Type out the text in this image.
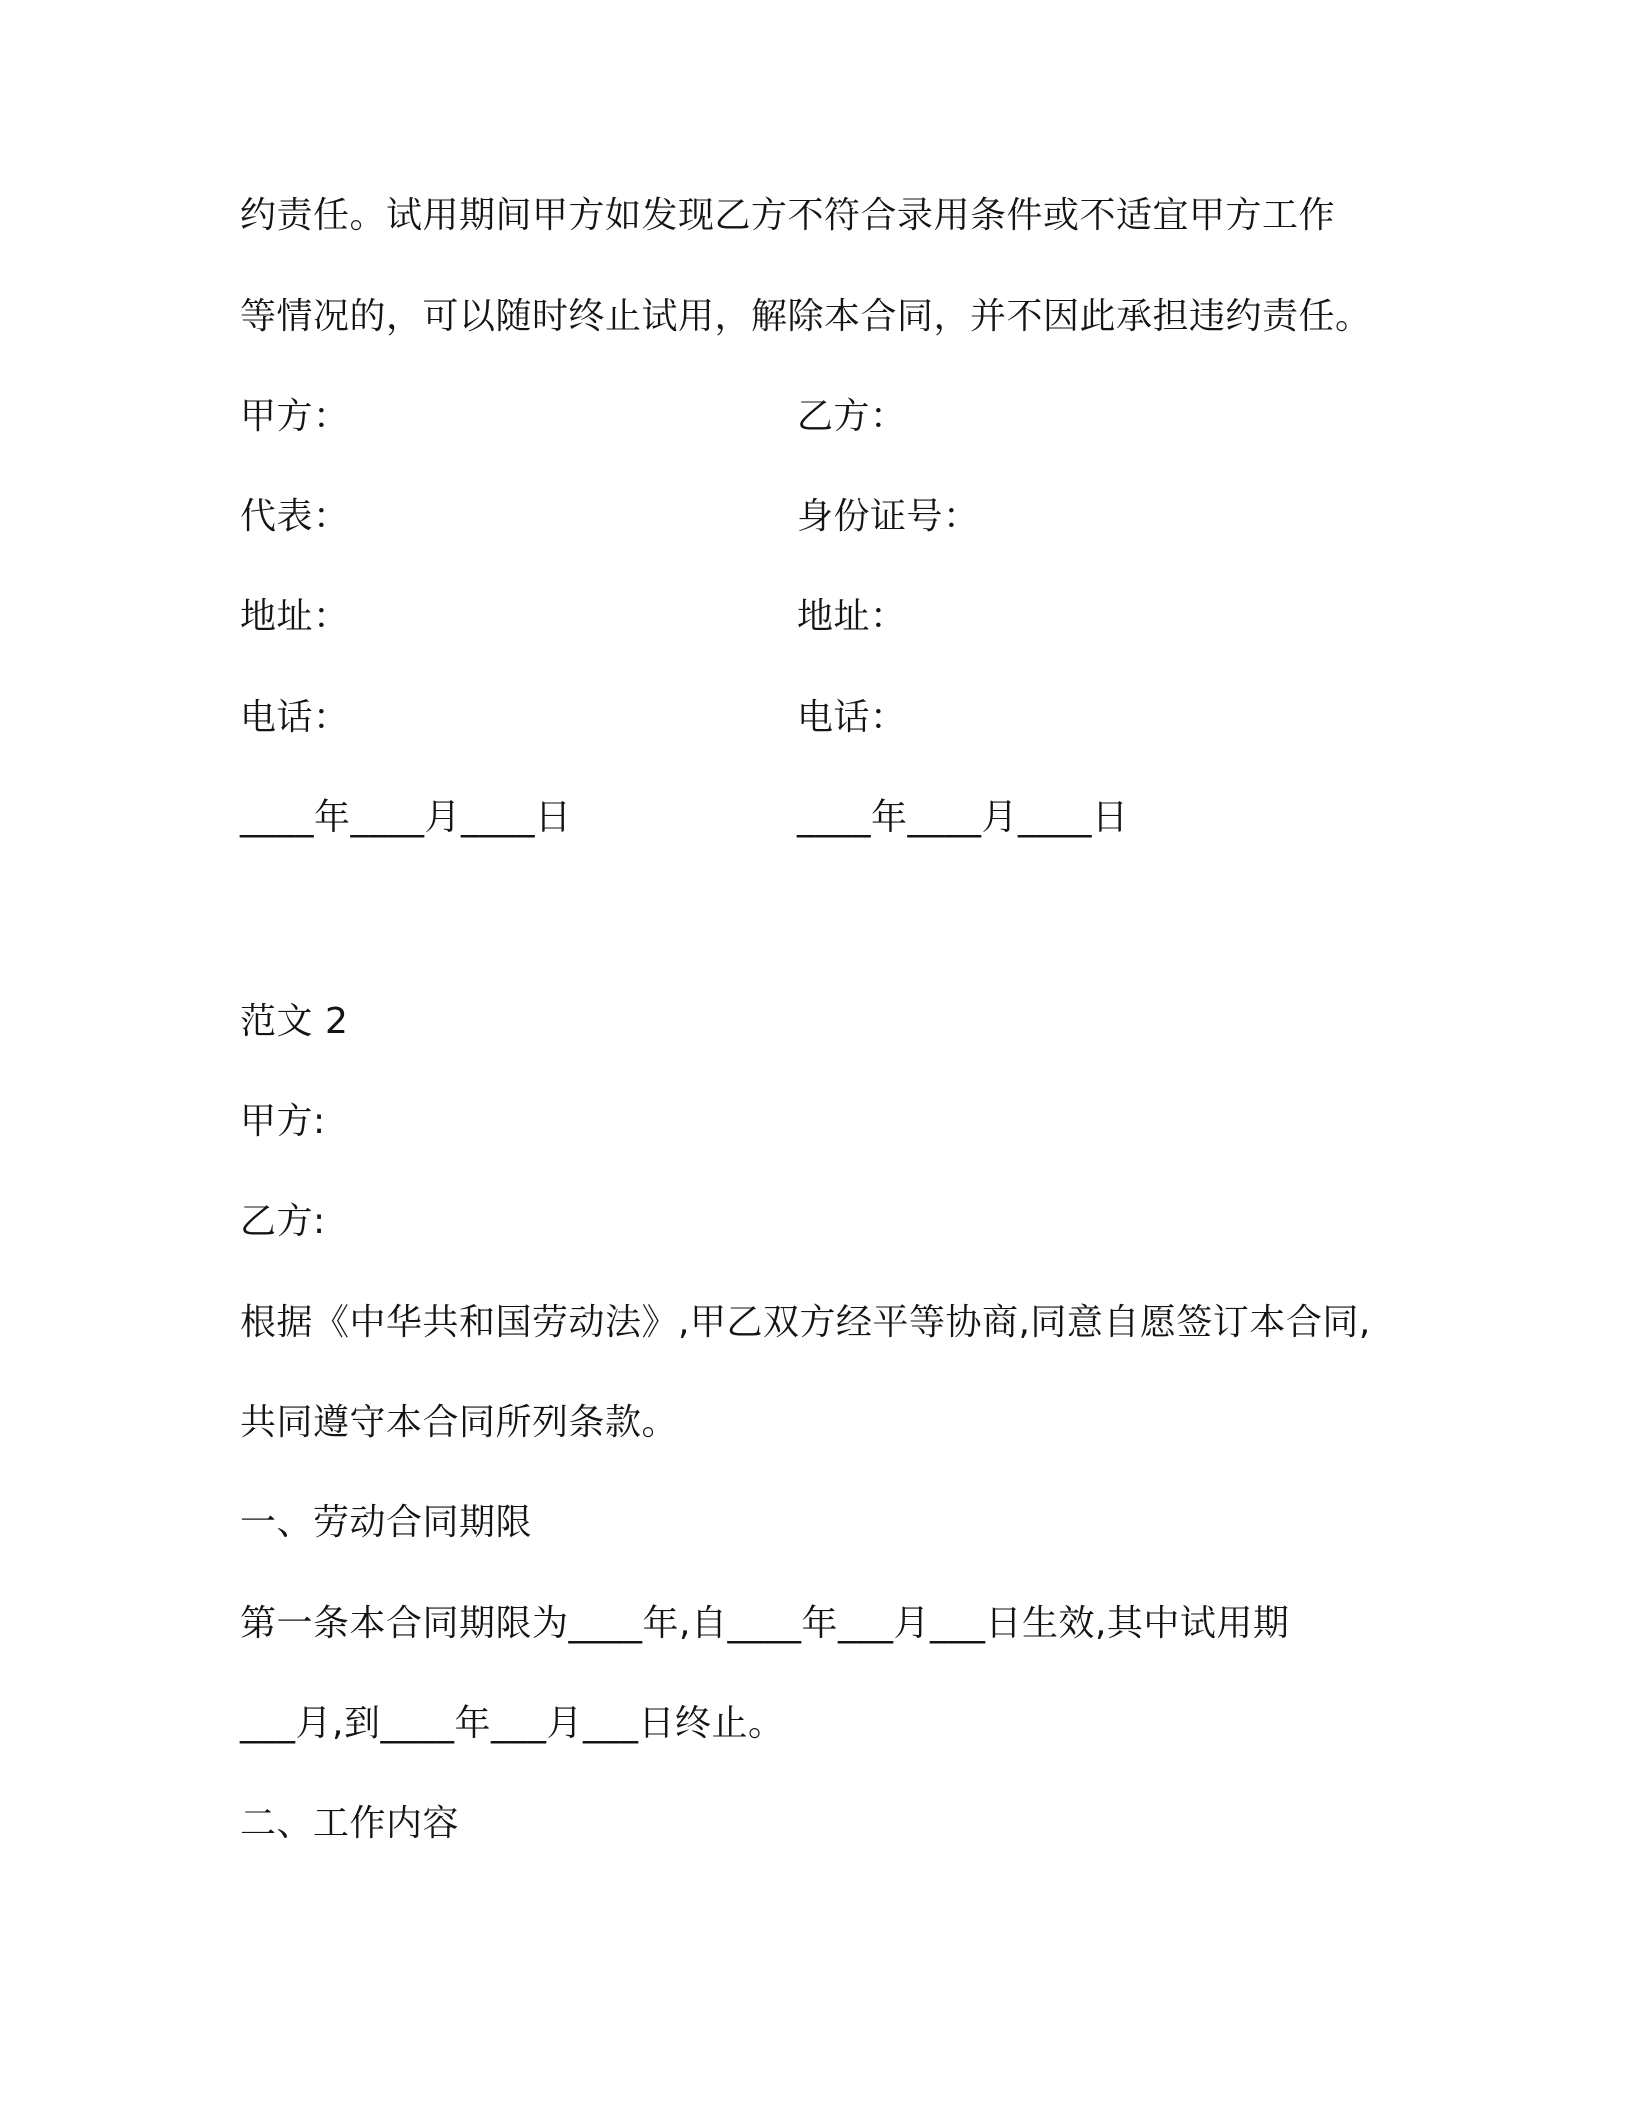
约责任。试用期间甲方如发现乙方不符合录用条件或不适宜甲方工作
等情况的，可以随时终止试用，解除本合同，并不因此承担违约责任。
甲方：	乙方：
代表：	身份证号：
地址：	地址：
电话：	电话：
____年____月____日	____年____月____日
范文 2
甲方:
乙方:
根据《中华共和国劳动法》,甲乙双方经平等协商,同意自愿签订本合同,
共同遵守本合同所列条款。
一、劳动合同期限
第一条本合同期限为____年,自____年___月___日生效,其中试用期
___月,到____年___月___日终止。
二、工作内容
